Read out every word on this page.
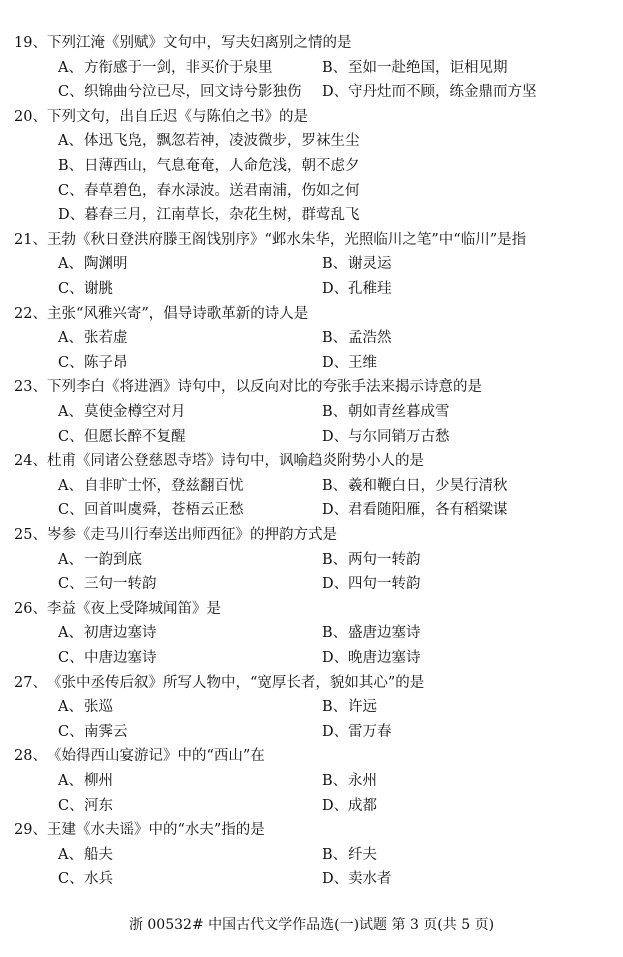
19、下列江淹《别赋》文句中，写夫妇离别之情的是
A、方衔感于一剑，非买价于泉里	B、至如一赴绝国，讵相见期
C、织锦曲兮泣已尽，回文诗兮影独伤 D、守丹灶而不顾，练金鼎而方坚
20、下列文句，出自丘迟《与陈伯之书》的是
A、体迅飞凫，飘忽若神，凌波微步，罗袜生尘
B、日薄西山，气息奄奄，人命危浅，朝不虑夕
C、春草碧色，春水渌波。送君南浦，伤如之何
D、暮春三月，江南草长，杂花生树，群莺乱飞
21、王勃《秋日登洪府滕王阁饯别序》“邺水朱华，光照临川之笔”中“临川”是指
A、陶渊明	B、谢灵运
C、谢朓	D、孔稚珪
22、主张“风雅兴寄”，倡导诗歌革新的诗人是
A、张若虚	B、孟浩然
C、陈子昂	D、王维
23、下列李白《将进酒》诗句中，以反向对比的夸张手法来揭示诗意的是
A、莫使金樽空对月	B、朝如青丝暮成雪
C、但愿长醉不复醒	D、与尔同销万古愁
24、杜甫《同诸公登慈恩寺塔》诗句中，讽喻趋炎附势小人的是
A、自非旷士怀，登兹翻百忧	B、羲和鞭白日，少昊行清秋
C、回首叫虞舜，苍梧云正愁	D、君看随阳雁，各有稻粱谋
25、岑参《走马川行奉送出师西征》的押韵方式是
A、一韵到底	B、两句一转韵
C、三句一转韵	D、四句一转韵
26、李益《夜上受降城闻笛》是
A、初唐边塞诗	B、盛唐边塞诗
C、中唐边塞诗	D、晚唐边塞诗
27、《张中丞传后叙》所写人物中，“宽厚长者，貌如其心”的是
A、张巡	B、许远
C、南霁云	D、雷万春
28、《始得西山宴游记》中的“西山”在
A、柳州	B、永州
C、河东	D、成都
29、王建《水夫谣》中的“水夫”指的是
A、船夫	B、纤夫
C、水兵	D、卖水者
浙 00532# 中国古代文学作品选(一)试题 第 3 页(共 5 页)
